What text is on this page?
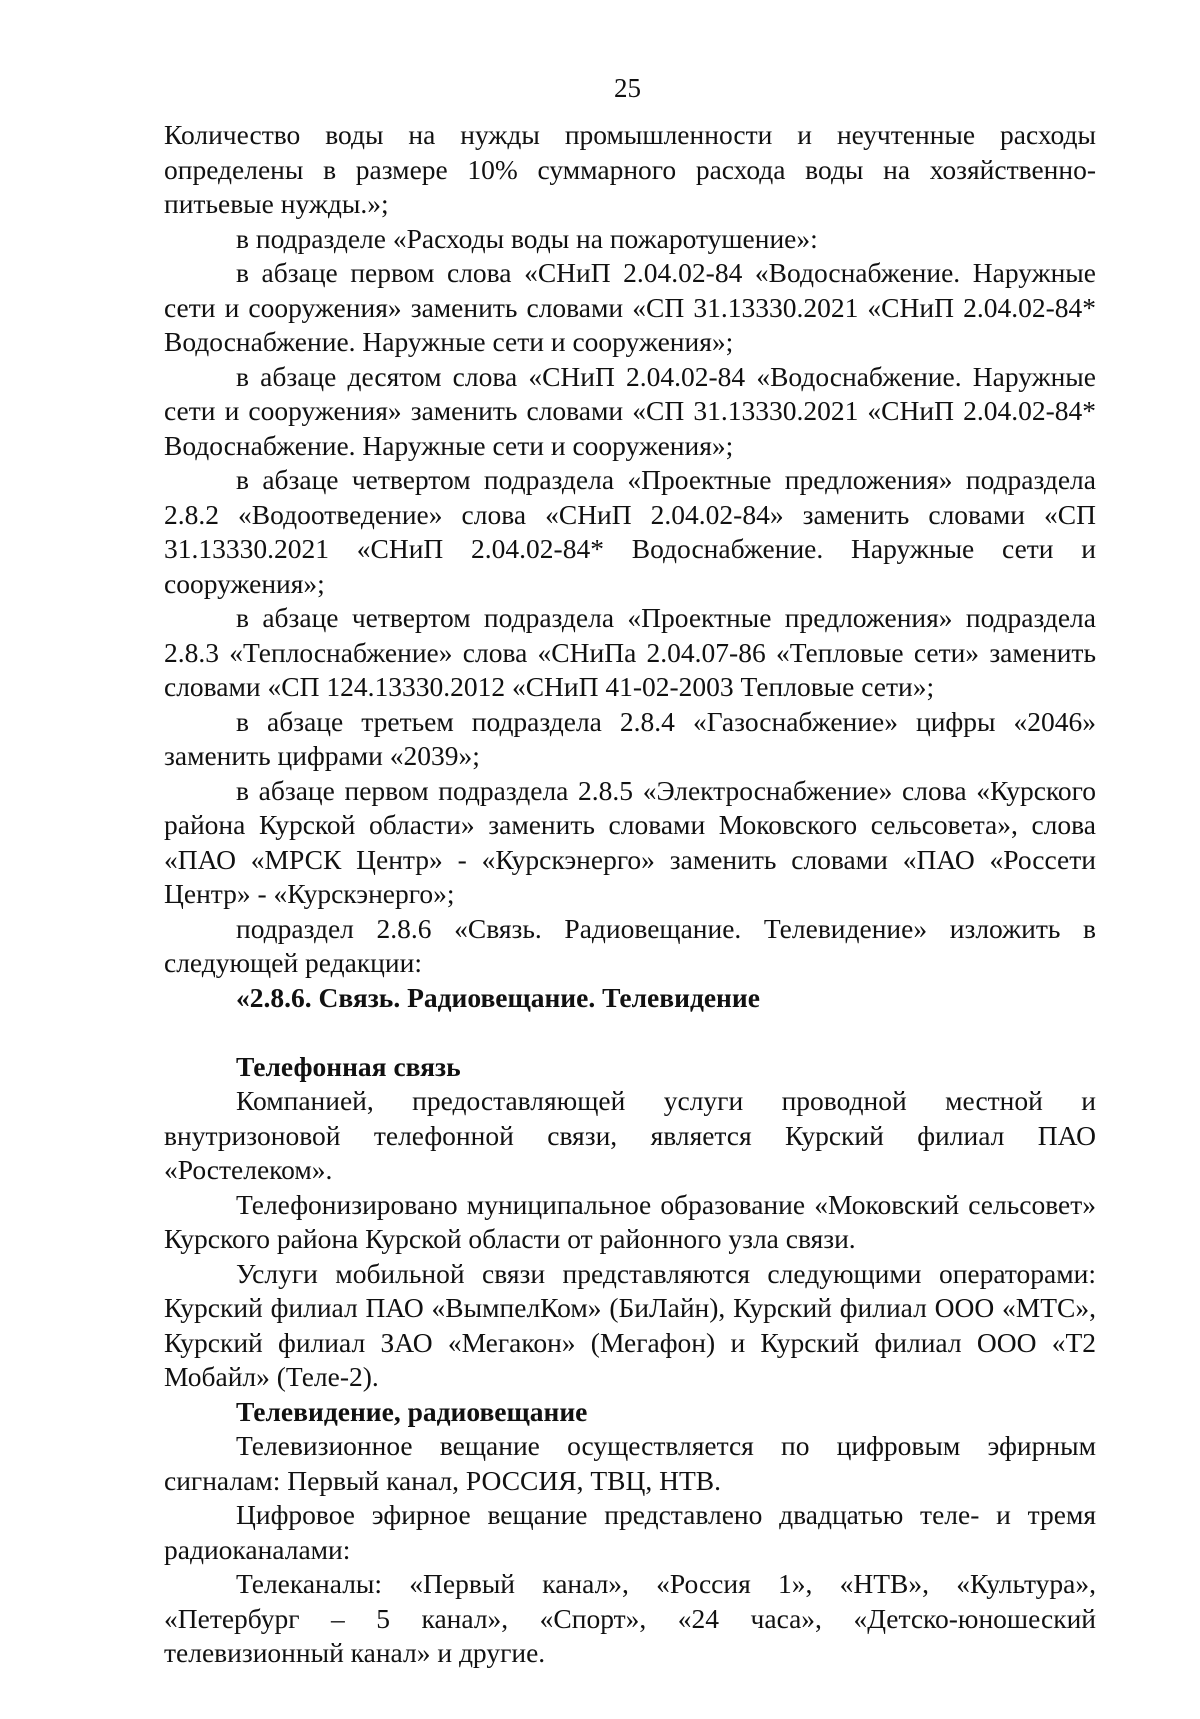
25

Количество воды на нужды промышленности и неучтенные расходы определены в размере 10% суммарного расхода воды на хозяйственно-питьевые нужды.»;

в подразделе «Расходы воды на пожаротушение»:

в абзаце первом слова «СНиП 2.04.02-84 «Водоснабжение. Наружные сети и сооружения» заменить словами «СП 31.13330.2021 «СНиП 2.04.02-84* Водоснабжение. Наружные сети и сооружения»;

в абзаце десятом слова «СНиП 2.04.02-84 «Водоснабжение. Наружные сети и сооружения» заменить словами «СП 31.13330.2021 «СНиП 2.04.02-84* Водоснабжение. Наружные сети и сооружения»;

в абзаце четвертом подраздела «Проектные предложения» подраздела 2.8.2 «Водоотведение» слова «СНиП 2.04.02-84» заменить словами «СП 31.13330.2021 «СНиП 2.04.02-84* Водоснабжение. Наружные сети и сооружения»;

в абзаце четвертом подраздела «Проектные предложения» подраздела 2.8.3 «Теплоснабжение» слова «СНиПа 2.04.07-86 «Тепловые сети» заменить словами «СП 124.13330.2012 «СНиП 41-02-2003 Тепловые сети»;

в абзаце третьем подраздела 2.8.4 «Газоснабжение» цифры «2046» заменить цифрами «2039»;

в абзаце первом подраздела 2.8.5 «Электроснабжение» слова «Курского района Курской области» заменить словами Моковского сельсовета», слова «ПАО «МРСК Центр» - «Курскэнерго» заменить словами «ПАО «Россети Центр» - «Курскэнерго»;

подраздел 2.8.6 «Связь. Радиовещание. Телевидение» изложить в следующей редакции:

«2.8.6. Связь. Радиовещание. Телевидение

Телефонная связь

Компанией, предоставляющей услуги проводной местной и внутризоновой телефонной связи, является Курский филиал ПАО «Ростелеком».

Телефонизировано муниципальное образование «Моковский сельсовет» Курского района Курской области от районного узла связи.

Услуги мобильной связи представляются следующими операторами: Курский филиал ПАО «ВымпелКом» (БиЛайн), Курский филиал ООО «МТС», Курский филиал ЗАО «Мегакон» (Мегафон) и Курский филиал ООО «Т2 Мобайл» (Теле-2).

Телевидение, радиовещание

Телевизионное вещание осуществляется по цифровым эфирным сигналам: Первый канал, РОССИЯ, ТВЦ, НТВ.

Цифровое эфирное вещание представлено двадцатью теле- и тремя радиоканалами:

Телеканалы: «Первый канал», «Россия 1», «НТВ», «Культура», «Петербург – 5 канал», «Спорт», «24 часа», «Детско-юношеский телевизионный канал» и другие.
